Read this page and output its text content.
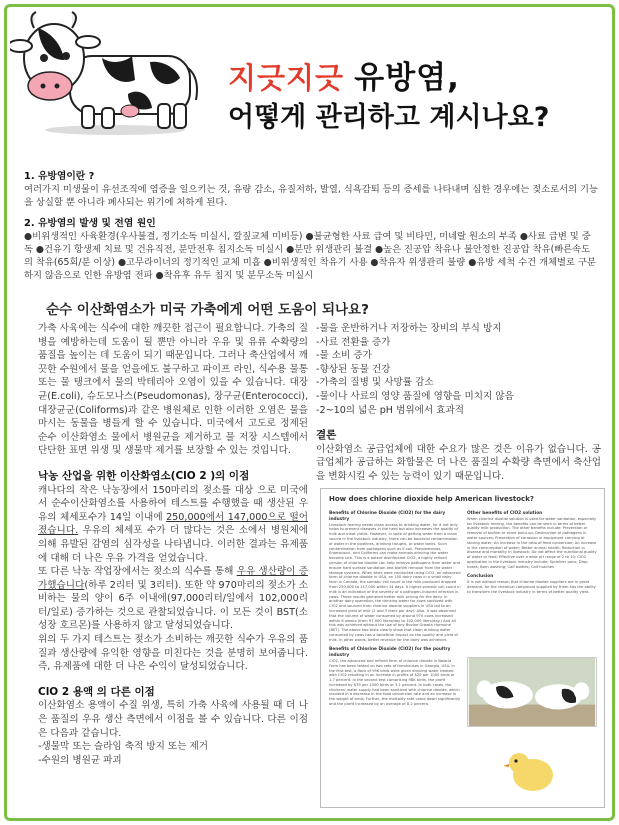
지긋지긋 유방염,
어떻게 관리하고 계시나요?
1. 유방염이란 ?

여러가지 미생물이 유선조직에 염증을 일으키는 것, 유량 감소, 유질저하, 발열, 식욕감퇴 등의 증세를 나타내며 심한 경우에는 젖소로서의 기능을 상실할 뿐 아니라 폐사되는 위기에 처하게 된다.

2. 유방염의 발생 및 전염 원인

●비위생적인 사육환경(우사불결, 정기소독 미실시, 깔짚교체 미비등) ●불균형한 사료 급여 및 비타민, 미네랄 원소의 부족 ●사료 급변 및 중독 ●건유기 항생제 치료 및 건유직전, 분만전후 침지소독 미실시 ●분만 위생관리 불결 ●높은 진공압 착유나 불안정한 진공압 착유(빠른속도의 착유(65회/분 이상) ●고무라이너의 정기적인 교체 미흡 ●비위생적인 착유기 사용 ●착유자 위생관리 불량 ●유방 세척 수건 개체별로 구분하지 않음으로 인한 유방염 전파 ●착유후 유두 침지 및 분무소독 미실시

순수 이산화염소가 미국 가축에게 어떤 도움이 되나요?

가축 사육에는 식수에 대한 깨끗한 접근이 필요합니다. 가축의 질병을 예방하는데 도움이 될 뿐만 아니라 우유 및 유류 수확량의 품질을 높이는 데 도움이 되기 때문입니다. 그러나 축산업에서 깨끗한 수원에서 물을 얻을에도 불구하고 파이프 라인, 식수용 물통 또는 물 탱크에서 물의 박테리아 오염이 있을 수 있습니다. 대장균(E.coli), 슈도모나스(Pseudomonas), 장구균(Enterococci), 대장균군(Coliforms)과 같은 병원체로 인한 이러한 오염은 물을 마시는 동물을 병들게 할 수 있습니다. 미국에서 고도로 정제된 순수 이산화염소 물에서 병원균을 제거하고 물 저장 시스템에서 단단한 표면 위생 및 생물막 제거를 보장할 수 있는 것입니다.

낙농 산업을 위한 이산화염소(ClO 2 )의 이점

캐나다의 작은 낙농장에서 150마리의 젖소를 대상 으로 미국에서 순수이산화염소를 사용하여 테스트를 수행했을 때 생산된 우유의 체세포수가 14일 이내에 250,000에서 147,000으로 떨어졌습니다. 우유의 체세포 수가 더 많다는 것은 소에서 병원체에 의해 유발된 감염의 심각성을 나타냅니다. 이러한 결과는 유제품에 대해 더 나은 우유 가격을 얻었습니다.

또 다른 낙농 작업장에서는 젖소의 식수를 통해 우유 생산량이 증가했습니다(하루 2리터 및 3리터). 또한 약 970마리의 젖소가 소비하는 물의 양이 6주 이내에(97,000리터/일에서 102,000리터/일로) 증가하는 것으로 관찰되었습니다. 이 모든 것이 BST(소 성장 호르몬)를 사용하지 않고 달성되었습니다.

위의 두 가지 테스트는 젖소가 소비하는 깨끗한 식수가 우유의 품질과 생산량에 유익한 영향을 미친다는 것을 분명히 보여줍니다. 즉, 유제품에 대한 더 나은 수익이 달성되었습니다.

ClO 2 용액 의 다른 이점

이산화염소 용액이 수질 위생, 특히 가축 사육에 사용될 때 더 나은 품질의 우유 생산 측면에서 이점을 볼 수 있습니다. 다른 이점은 다음과 같습니다.

-생물막 또는 슬라임 축적 방지 또는 제거

-수원의 병원균 파괴

-물을 운반하거나 저장하는 장비의 부식 방지

-사료 전환율 증가

-물 소비 증가

-향상된 동물 건강

-가축의 질병 및 사망률 감소

-물이나 사료의 영양 품질에 영향을 미치지 않음

-2~10의 넓은 pH 범위에서 효과적

결론

이산화염소 공급업체에 대한 수요가 많은 것은 이유가 없습니다. 공급업체가 공급하는 화합물은 더 나은 품질의 수확량 측면에서 축산업을 변화시킬 수 있는 능력이 있기 때문입니다.

How does chlorine dioxide help American livestock?
Benefits of Chlorine Dioxide (ClO2) for the dairy industry
Livestock rearing needs clean access to drinking water, for it not only helps to prevent diseases in the herd but also increases the quality of milk and meat yields. However, in spite of getting water from a clean source in the livestock industry, there can be bacterial contamination of water in the pipelines, drinking troughs, or water tanks. Such contamination from pathogens such as E.coli, Pseudomonas, Enterococci, and Coliforms can make animals drinking the water become sick. This is a potent disinfectant ClO2, a highly refined version of chlorine dioxide can help remove pathogens from water and ensure hard surface sanitation and biofilm removal from the water storage systems. When tests were conducted using ClO2, an advanced form of chlorine dioxide in USA, on 150 dairy cows in a small dairy farm in Canada, the somatic cell count in the milk produced dropped from 250,000 to 147,000 within 14 days. A higher somatic cell count in milk is an indication of the severity of a pathogen-induced infection in cows. These results garnered better milk pricing for the dairy. In another dairy operation, the drinking water for cows sanitized with ClO2 and sourced from chlorine dioxide suppliers in USA led to an increased yield of milk (2 and 3 liters per day). Also, it was observed that the volume of water consumed by around 970 cows increased within 6 weeks (from 97,000 liters/day to 102,000 liters/day.) And all this was achieved without the use of any Bovine Growth Hormone (BST). The above two tests clearly show that clean drinking water consumed by cows has a beneficial impact on the quality and yield of milk. In other words, better revenue for the dairy was achieved.

Benefits of Chlorine Dioxide (ClO2) for the poultry industry
ClO2, the advanced and refined form of chlorine dioxide in Bolaria Farm has been tested on two sets of farmhouses in Georgia, USA. In the first test, a flock of 95K birds were given drinking water treated with ClO2 resulting in an increase in profits of $20 per 1000 birds or 1.7 percent. In the second test comprising 98K birds, the profit increased by $35 per 1000 birds or 3.1 percent. In both cases, the chickens' water supply had been sanitized with chlorine dioxide, which resulted in a decrease in the food conversion rate and an increase in the weight of birds. Further, the mortality rate came down significantly and the profit increased by an average of 8.2 percent.
Other benefits of ClO2 solution
When chlorine dioxide solution is used for water sanitation, especially for livestock rearing, the benefits can be seen in terms of better quality milk production. The other benefits include: Prevention or removal of biofilm or slime build-up; Destruction of pathogens in water sources; Prevention of corrosion in equipment carrying or storing water; An increase in the ratio of feed conversion; An increase in the consumption of water; Better animal health; Reduction in disease and mortality in livestock; Do not affect the nutritional quality of water or feed; Effective over a wide pH range of 2 to 10; ClO2 application in the livestock industry include: Sprinkler pens; Drop hoses; Barn washing; Calf bottles; Calf hutches

Conclusion
It is not without reason that chlorine dioxide suppliers are in great demand, for the chemical compound supplied by them has the ability to transform the livestock industry in terms of better quality yield.
